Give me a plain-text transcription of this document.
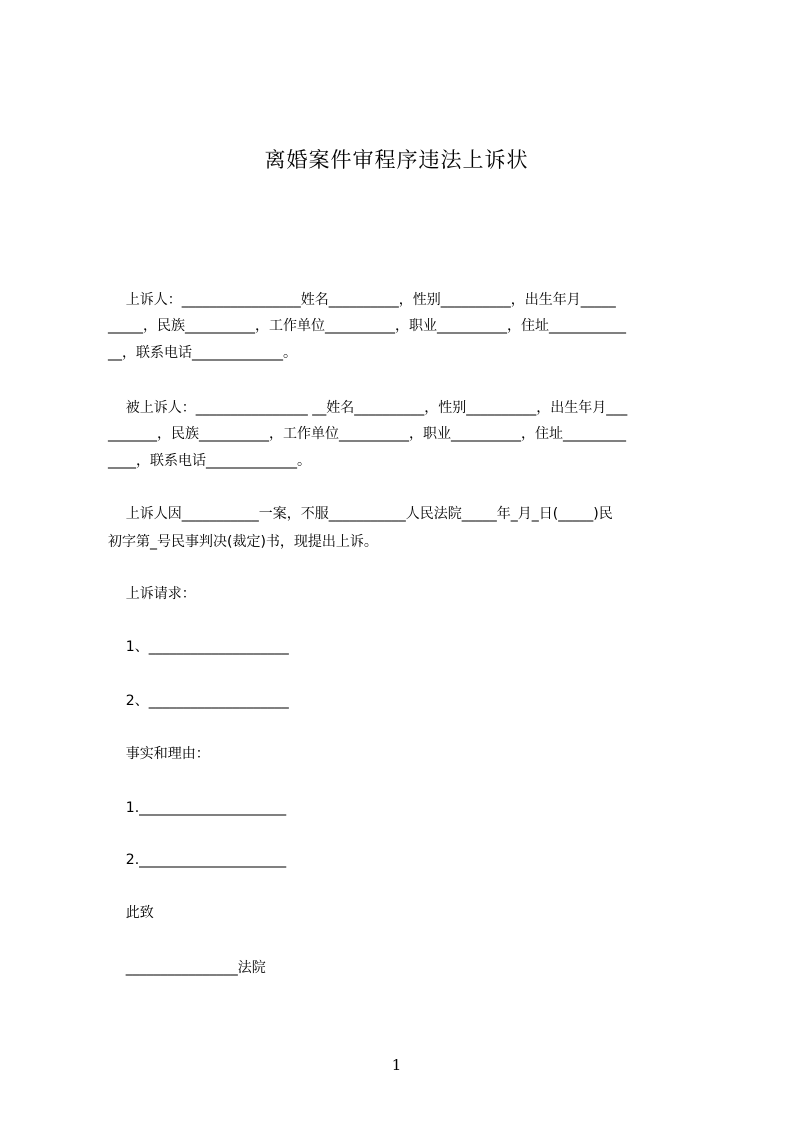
离婚案件审程序违法上诉状
上诉人：_________________姓名__________，性别__________，出生年月_____
_____，民族__________，工作单位__________，职业__________，住址___________
__，联系电话_____________。
被上诉人：________________ __姓名__________，性别__________，出生年月___
_______，民族__________，工作单位__________，职业__________，住址_________
____，联系电话_____________。
上诉人因___________一案，不服___________人民法院_____年_月_日(_____)民
初字第_号民事判决(裁定)书，现提出上诉。
上诉请求：
1、____________________
2、____________________
事实和理由：
1._____________________
2._____________________
此致
________________法院
1
